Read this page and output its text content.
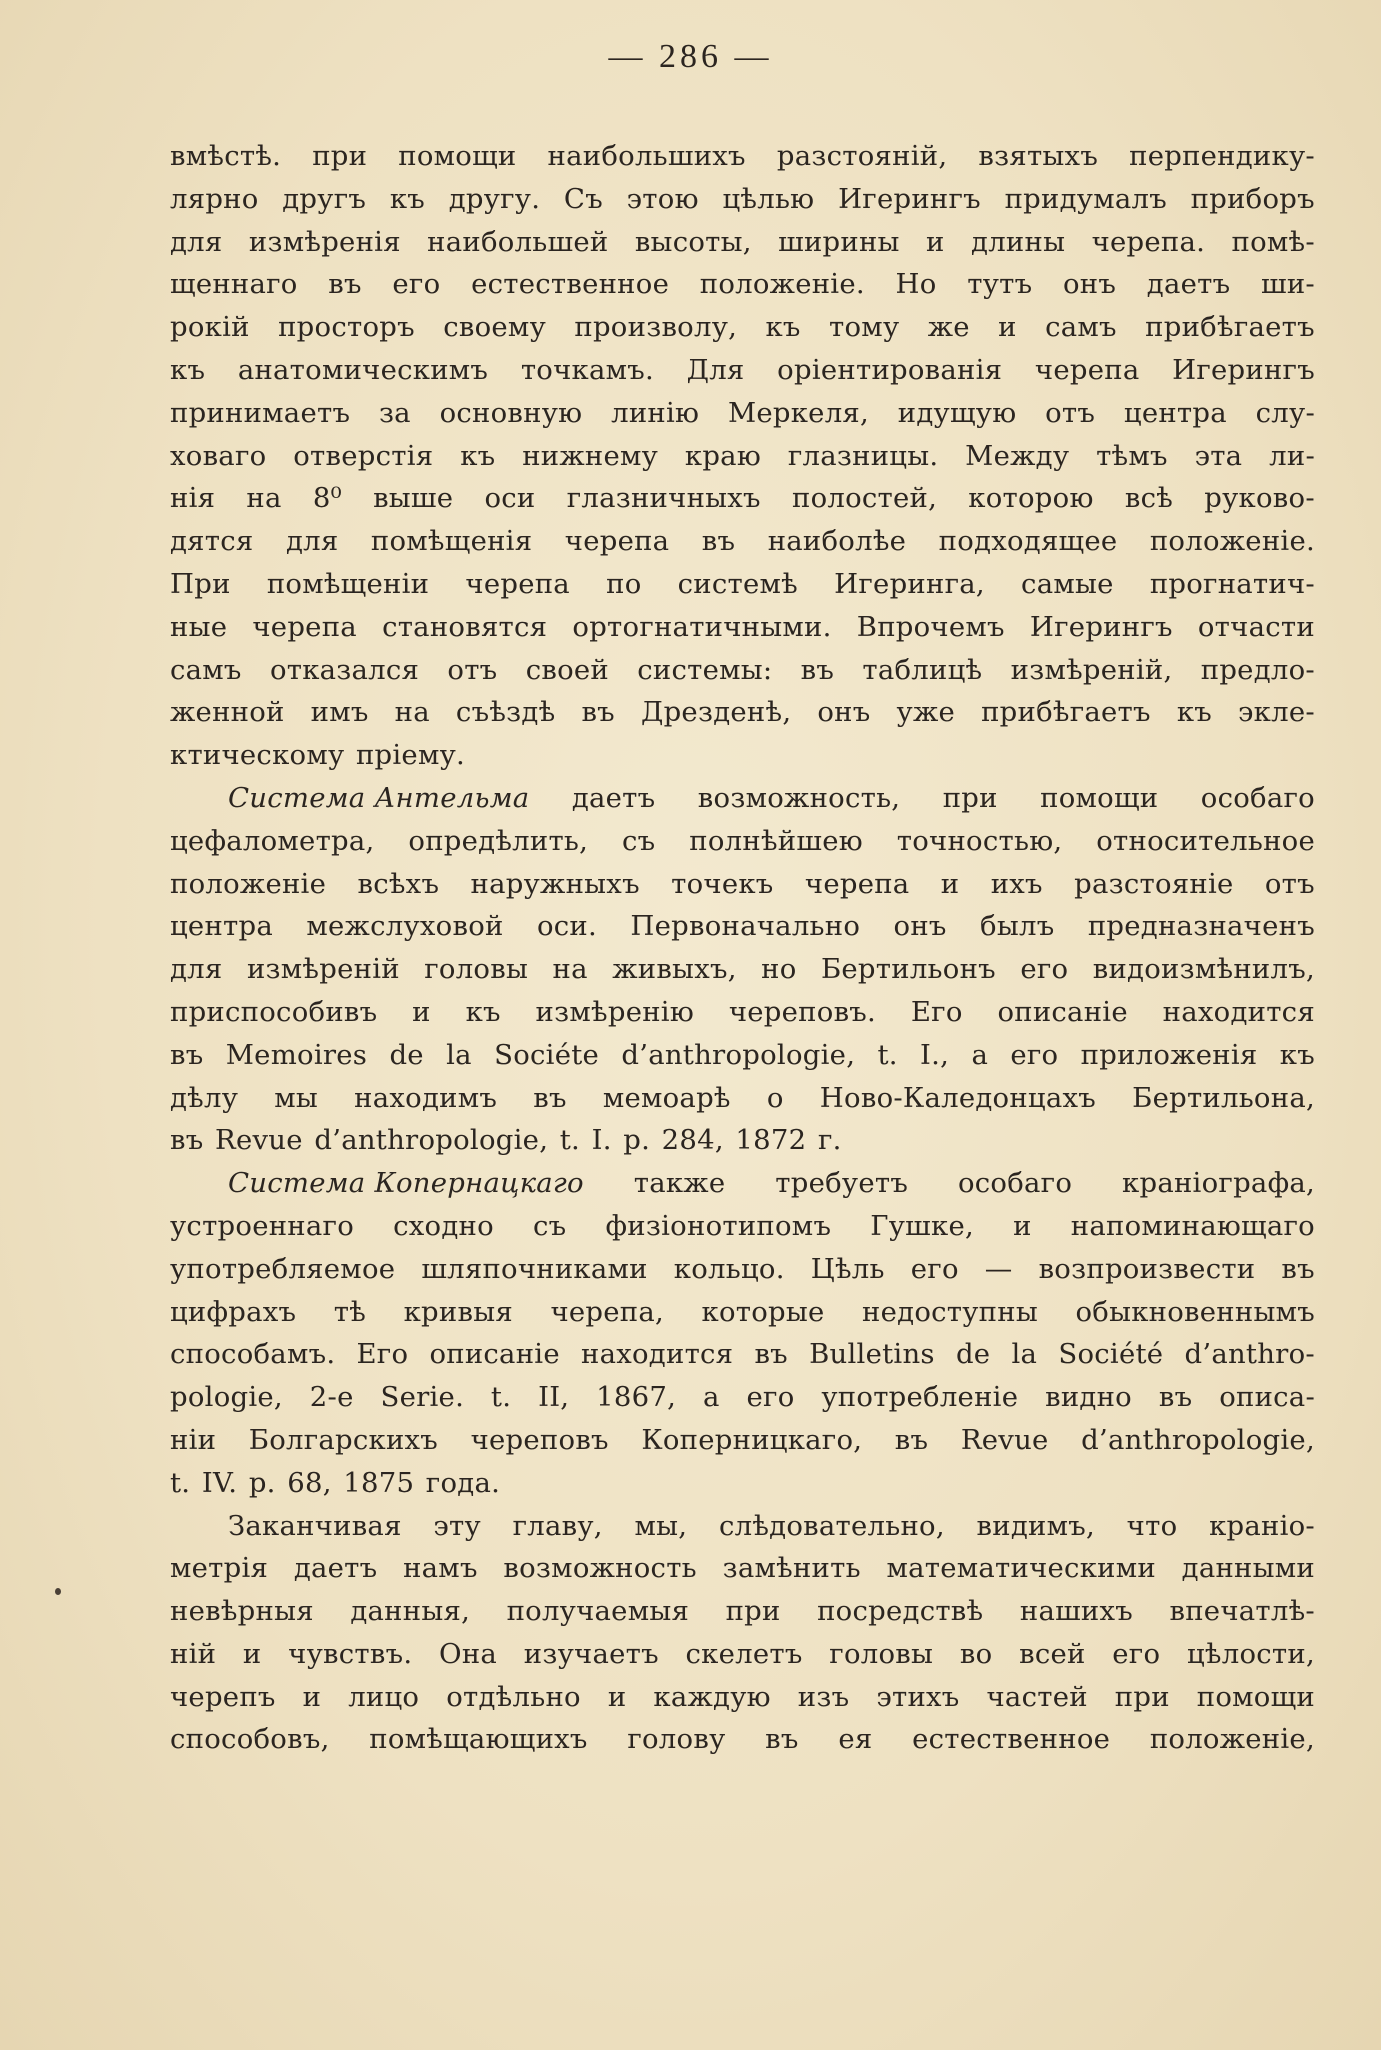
— 286 —
вмѣстѣ. при помощи наибольшихъ разстояній, взятыхъ перпендику-
лярно другъ къ другу. Съ этою цѣлью Игерингъ придумалъ приборъ
для измѣренія наибольшей высоты, ширины и длины черепа. помѣ-
щеннаго въ его естественное положеніе. Но тутъ онъ даетъ ши-
рокій просторъ своему произволу, къ тому же и самъ прибѣгаетъ
къ анатомическимъ точкамъ. Для оріентированія черепа Игерингъ
принимаетъ за основную линію Меркеля, идущую отъ центра слу-
ховаго отверстія къ нижнему краю глазницы. Между тѣмъ эта ли-
нія на 8⁰ выше оси глазничныхъ полостей, которою всѣ руково-
дятся для помѣщенія черепа въ наиболѣе подходящее положеніе.
При помѣщеніи черепа по системѣ Игеринга, самые прогнатич-
ные черепа становятся ортогнатичными. Впрочемъ Игерингъ отчасти
самъ отказался отъ своей системы: въ таблицѣ измѣреній, предло-
женной имъ на съѣздѣ въ Дрезденѣ, онъ уже прибѣгаетъ къ эклe-
ктическому пріему.
Система Антельма даетъ возможность, при помощи особаго
цефалометра, опредѣлить, съ полнѣйшею точностью, относительное
положеніе всѣхъ наружныхъ точекъ черепа и ихъ разстояніе отъ
центра межслуховой оси. Первоначально онъ былъ предназначенъ
для измѣреній головы на живыхъ, но Бертильонъ его видоизмѣнилъ,
приспособивъ и къ измѣренію череповъ. Его описаніе находится
въ Memoires de la Sociéte d’anthropologie, t. I., а его приложенія къ
дѣлу мы находимъ въ мемоарѣ о Ново-Каледонцахъ Бертильона,
въ Revue d’anthropologie, t. I. p. 284, 1872 г.
Система Копернацкаго также требуетъ особаго краніографа,
устроеннаго сходно съ физіонотипомъ Гушке, и напоминающаго
употребляемое шляпочниками кольцо. Цѣль его — возпроизвести въ
цифрахъ тѣ кривыя черепа, которые недоступны обыкновеннымъ
способамъ. Его описаніе находится въ Bulletins de la Société d’anthro-
pologie, 2-e Serie. t. II, 1867, а его употребленіе видно въ описа-
ніи Болгарскихъ череповъ Коперницкаго, въ Revue d’anthropologie,
t. IV. p. 68, 1875 года.
Заканчивая эту главу, мы, слѣдовательно, видимъ, что краніо-
метрія даетъ намъ возможность замѣнить математическими данными
невѣрныя данныя, получаемыя при посредствѣ нашихъ впечатлѣ-
ній и чувствъ. Она изучаетъ скелетъ головы во всей его цѣлости,
черепъ и лицо отдѣльно и каждую изъ этихъ частей при помощи
способовъ, помѣщающихъ голову въ ея естественное положеніе,
